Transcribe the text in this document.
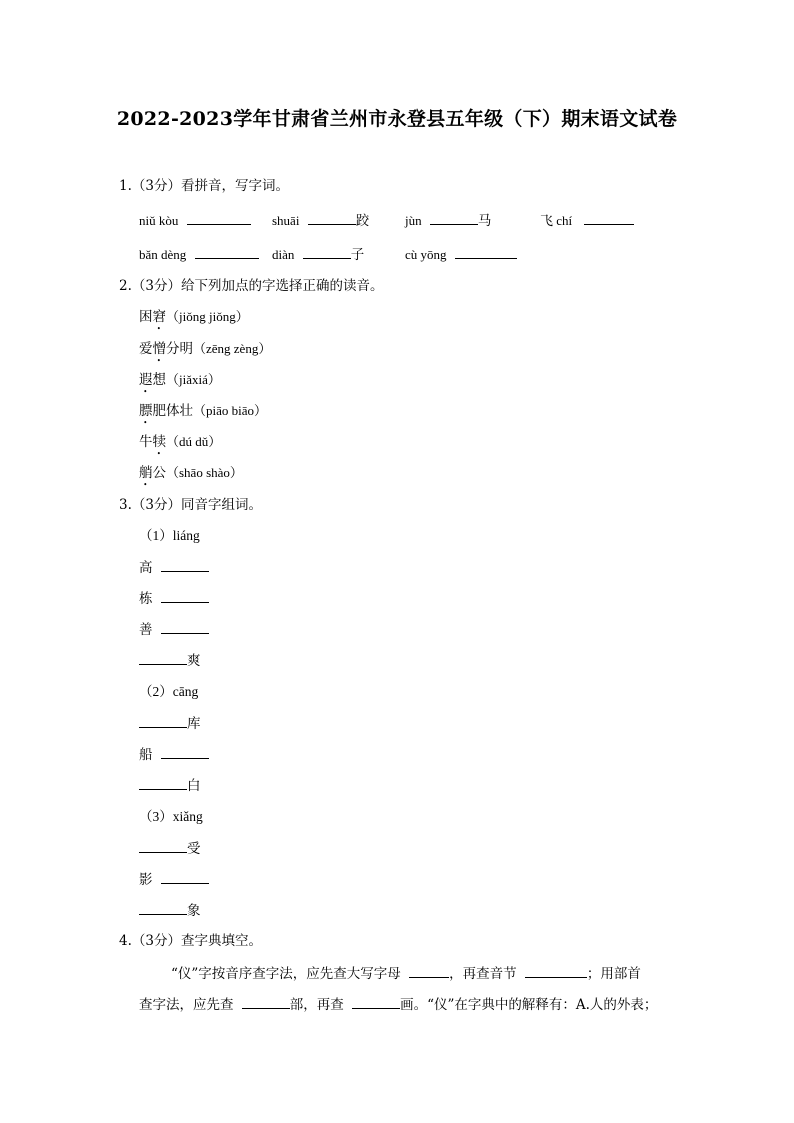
2022-2023学年甘肃省兰州市永登县五年级（下）期末语文试卷
1.（3分）看拼音，写字词。
niǔ kòu	shuāi	跤	jùn	马	飞 chí
bǎn dèng	diàn	子	cù yōng
2.（3分）给下列加点的字选择正确的读音。
困窘（jiǒng jiǒng）
爱憎分明（zēng zèng）
遐想（jiǎxiá）
膘肥体壮（piāo biāo）
牛犊（dú dǔ）
艄公（shāo shào）
3.（3分）同音字组词。
（1）liáng
高
栋
善
爽
（2）cāng
库
船
白
（3）xiǎng
受
影
象
4.（3分）查字典填空。
“仪”字按音序查字法，应先查大写字母	，再查音节	；用部首
查字法，应先查	部，再查	画。“仪”在字典中的解释有：A.人的外表；
